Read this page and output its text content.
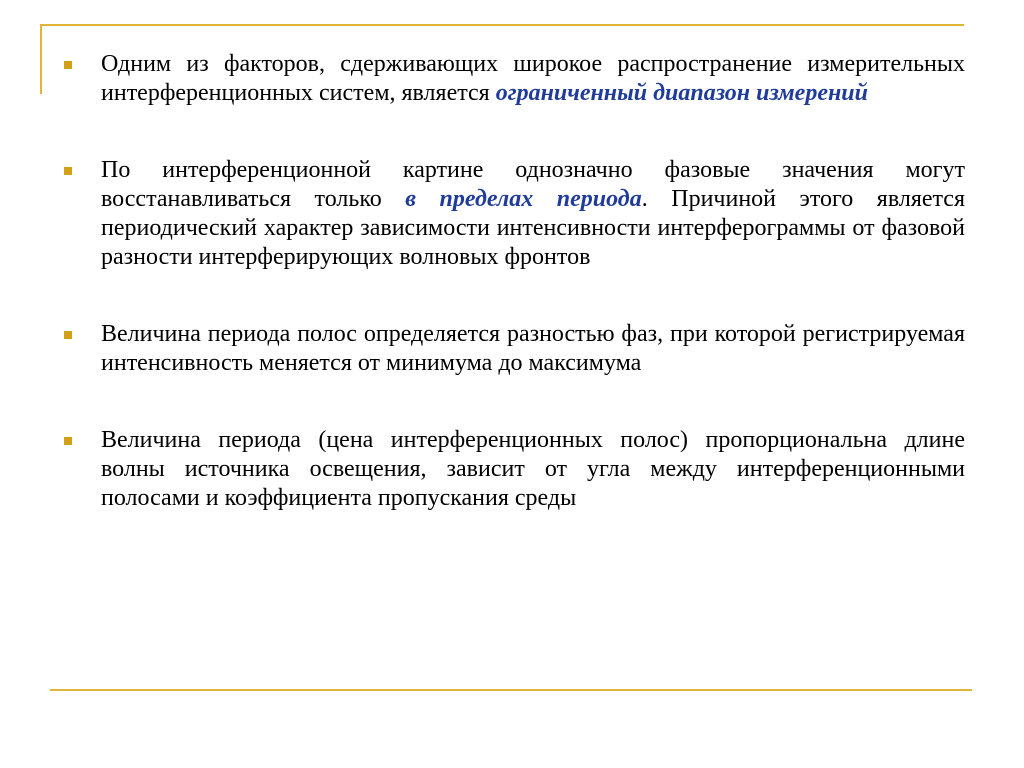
Одним из факторов, сдерживающих широкое распространение измерительных интерференционных систем, является ограниченный диапазон измерений
По интерференционной картине однозначно фазовые значения могут восстанавливаться только в пределах периода. Причиной этого является периодический характер зависимости интенсивности интерферограммы от фазовой разности интерферирующих волновых фронтов
Величина периода полос определяется разностью фаз, при которой регистрируемая интенсивность меняется от минимума до максимума
Величина периода (цена интерференционных полос) пропорциональна длине волны источника освещения, зависит от угла между интерференционными полосами и коэффициента пропускания среды
